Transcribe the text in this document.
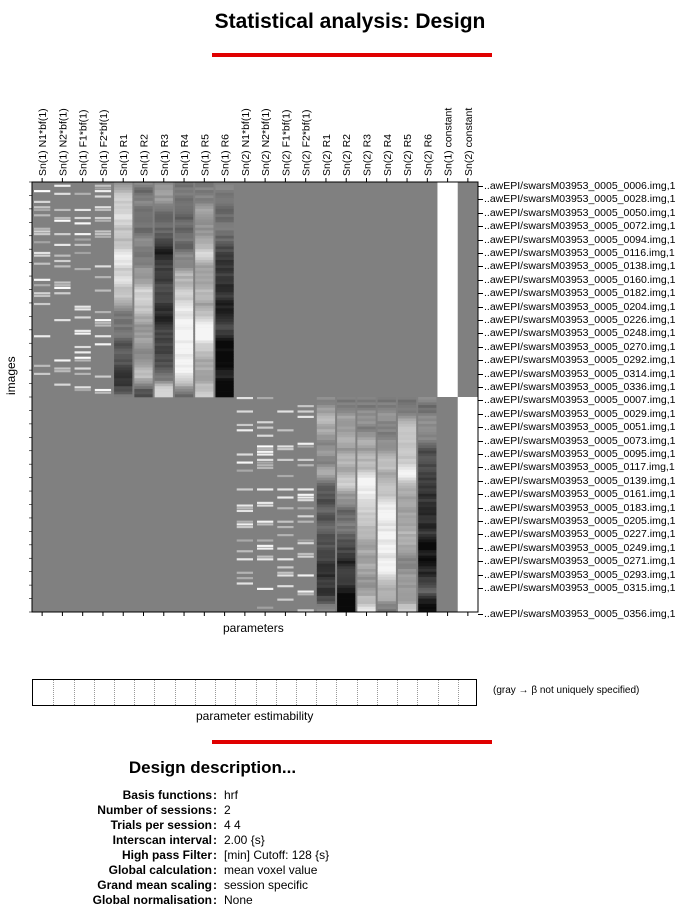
Statistical analysis: Design
Sn(1) N1*bf(1) Sn(1) N2*bf(1) Sn(1) F1*bf(1) Sn(1) F2*bf(1) Sn(1) R1 Sn(1) R2 Sn(1) R3 Sn(1) R4 Sn(1) R5 Sn(1) R6 Sn(2) N1*bf(1) Sn(2) N2*bf(1) Sn(2) F1*bf(1) Sn(2) F2*bf(1) Sn(2) R1 Sn(2) R2 Sn(2) R3 Sn(2) R4 Sn(2) R5 Sn(2) R6 Sn(1) constant Sn(2) constant
..awEPI/swarsM03953_0005_0006.img,1
..awEPI/swarsM03953_0005_0028.img,1
..awEPI/swarsM03953_0005_0050.img,1
..awEPI/swarsM03953_0005_0072.img,1
..awEPI/swarsM03953_0005_0094.img,1
..awEPI/swarsM03953_0005_0116.img,1
..awEPI/swarsM03953_0005_0138.img,1
..awEPI/swarsM03953_0005_0160.img,1
..awEPI/swarsM03953_0005_0182.img,1
..awEPI/swarsM03953_0005_0204.img,1
..awEPI/swarsM03953_0005_0226.img,1
..awEPI/swarsM03953_0005_0248.img,1
..awEPI/swarsM03953_0005_0270.img,1
..awEPI/swarsM03953_0005_0292.img,1
..awEPI/swarsM03953_0005_0314.img,1
..awEPI/swarsM03953_0005_0336.img,1
..awEPI/swarsM03953_0005_0007.img,1
..awEPI/swarsM03953_0005_0029.img,1
..awEPI/swarsM03953_0005_0051.img,1
..awEPI/swarsM03953_0005_0073.img,1
..awEPI/swarsM03953_0005_0095.img,1
..awEPI/swarsM03953_0005_0117.img,1
..awEPI/swarsM03953_0005_0139.img,1
..awEPI/swarsM03953_0005_0161.img,1
..awEPI/swarsM03953_0005_0183.img,1
..awEPI/swarsM03953_0005_0205.img,1
..awEPI/swarsM03953_0005_0227.img,1
..awEPI/swarsM03953_0005_0249.img,1
..awEPI/swarsM03953_0005_0271.img,1
..awEPI/swarsM03953_0005_0293.img,1
..awEPI/swarsM03953_0005_0315.img,1
..awEPI/swarsM03953_0005_0356.img,1
images
parameters
(gray → β not uniquely specified)
parameter estimability
Design description...
Basis functions : hrf
Number of sessions : 2
Trials per session : 4 4
Interscan interval : 2.00 {s}
High pass Filter : [min] Cutoff: 128 {s}
Global calculation : mean voxel value
Grand mean scaling : session specific
Global normalisation : None
